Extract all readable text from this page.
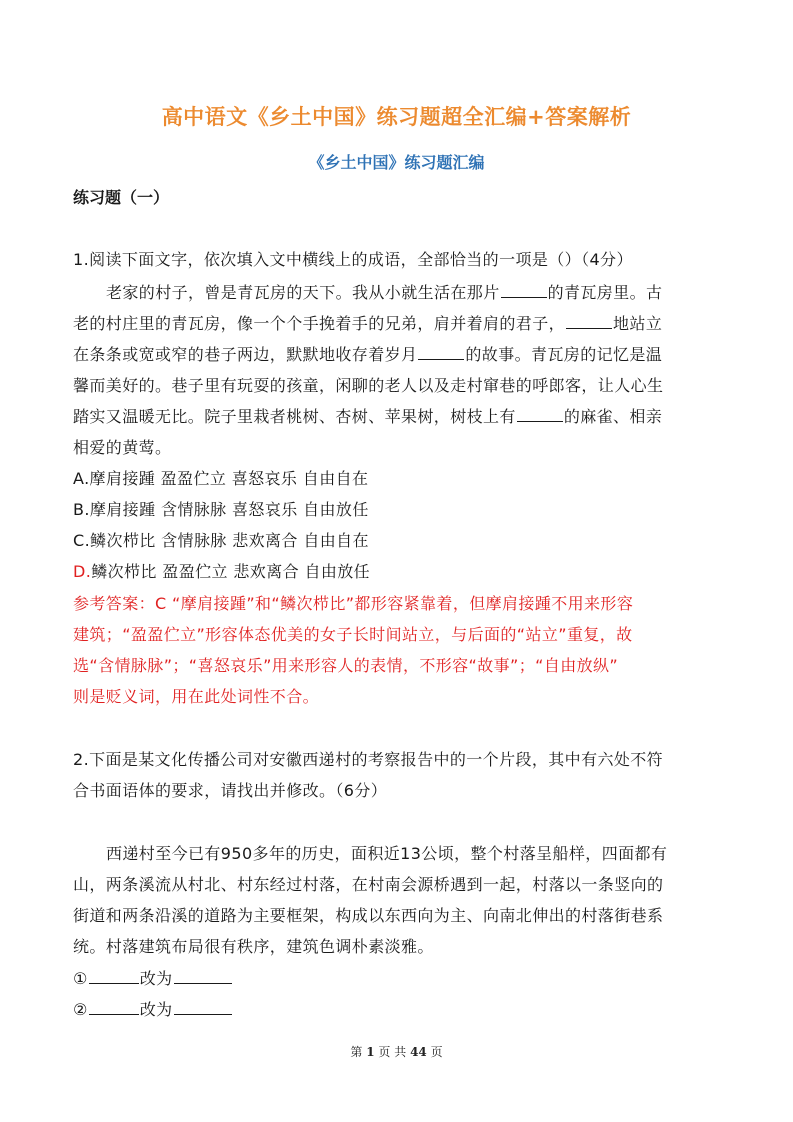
高中语文《乡土中国》练习题超全汇编+答案解析
《乡土中国》练习题汇编
练习题（一）
1.阅读下面文字，依次填入文中横线上的成语，全部恰当的一项是（）（4分）
老家的村子，曾是青瓦房的天下。我从小就生活在那片	的青瓦房里。古
老的村庄里的青瓦房，像一个个手挽着手的兄弟，肩并着肩的君子，	地站立
在条条或宽或窄的巷子两边，默默地收存着岁月	的故事。青瓦房的记忆是温
馨而美好的。巷子里有玩耍的孩童，闲聊的老人以及走村窜巷的呼郎客，让人心生
踏实又温暖无比。院子里栽者桃树、杏树、苹果树，树枝上有	的麻雀、相亲
相爱的黄莺。
A.摩肩接踵 盈盈伫立 喜怒哀乐 自由自在
B.摩肩接踵 含情脉脉 喜怒哀乐 自由放任
C.鳞次栉比 含情脉脉 悲欢离合 自由自在
D.鳞次栉比 盈盈伫立 悲欢离合 自由放任
参考答案：C “摩肩接踵”和“鳞次栉比”都形容紧靠着，但摩肩接踵不用来形容
建筑；“盈盈伫立”形容体态优美的女子长时间站立，与后面的“站立”重复，故
选“含情脉脉”；“喜怒哀乐”用来形容人的表情，不形容“故事”；“自由放纵”
则是贬义词，用在此处词性不合。
2.下面是某文化传播公司对安徽西递村的考察报告中的一个片段，其中有六处不符
合书面语体的要求，请找出并修改。（6分）
西递村至今已有950多年的历史，面积近13公顷，整个村落呈船样，四面都有
山，两条溪流从村北、村东经过村落，在村南会源桥遇到一起，村落以一条竖向的
街道和两条沿溪的道路为主要框架，构成以东西向为主、向南北伸出的村落街巷系
统。村落建筑布局很有秩序，建筑色调朴素淡雅。
①	改为
②	改为
第 1 页 共 44 页
